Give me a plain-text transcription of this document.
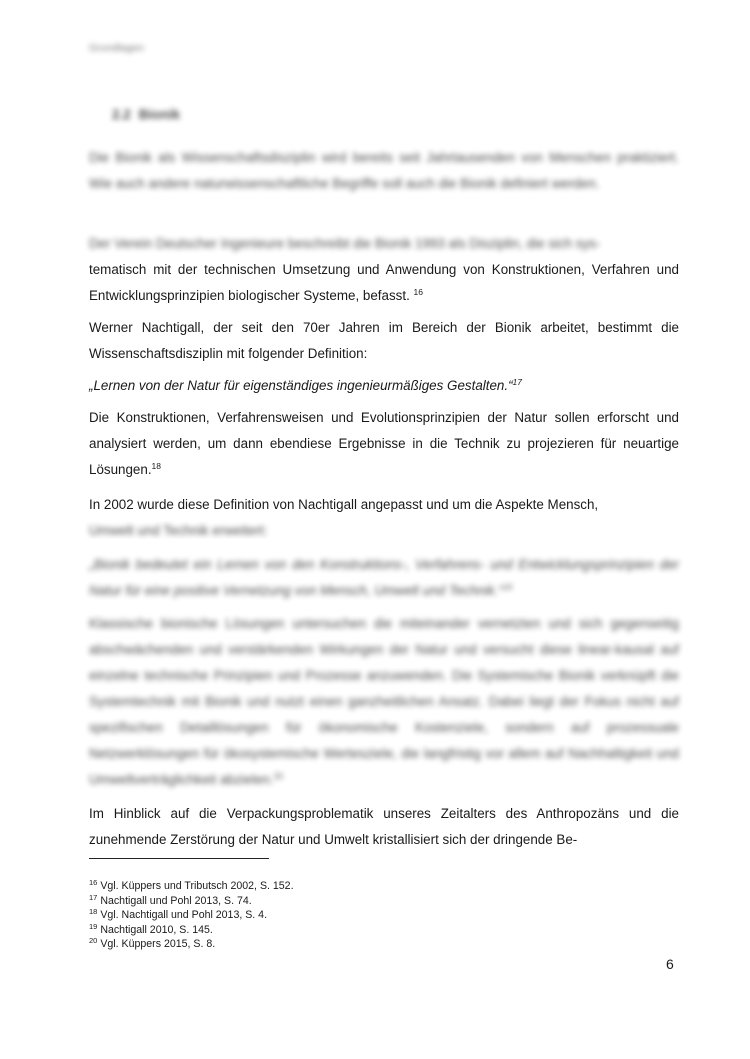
Grundlagen
2.2 Bionik

Die Bionik als Wissenschaftsdisziplin wird bereits seit Jahrtausenden von Menschen praktiziert. Wie auch andere naturwissenschaftliche Begriffe soll auch die Bionik definiert werden.

Der Verein Deutscher Ingenieure beschreibt die Bionik 1993 als Disziplin, die sich sys-

tematisch mit der technischen Umsetzung und Anwendung von Konstruktionen, Verfahren und Entwicklungsprinzipien biologischer Systeme, befasst. $^{16}$

Werner Nachtigall, der seit den 70er Jahren im Bereich der Bionik arbeitet, bestimmt die Wissenschaftsdisziplin mit folgender Definition:

„Lernen von der Natur für eigenständiges ingenieurmäßiges Gestalten.“$^{17}$

Die Konstruktionen, Verfahrensweisen und Evolutionsprinzipien der Natur sollen erforscht und analysiert werden, um dann ebendiese Ergebnisse in die Technik zu projezieren für neuartige Lösungen.$^{18}$

In 2002 wurde diese Definition von Nachtigall angepasst und um die Aspekte Mensch,

Umwelt und Technik erweitert:

„Bionik bedeutet ein Lernen von den Konstruktions-, Verfahrens- und Entwicklungsprinzipien der Natur für eine positive Vernetzung von Mensch, Umwelt und Technik.“$^{19}$

Klassische bionische Lösungen untersuchen die miteinander vernetzten und sich gegenseitig abschwächenden und verstärkenden Wirkungen der Natur und versucht diese linear-kausal auf einzelne technische Prinzipien und Prozesse anzuwenden. Die Systemische Bionik verknüpft die Systemtechnik mit Bionik und nutzt einen ganzheitlichen Ansatz. Dabei liegt der Fokus nicht auf spezifischen Detaillösungen für ökonomische Kostenziele, sondern auf prozessuale Netzwerklösungen für ökosystemische Wertesziele, die langfristig vor allem auf Nachhaltigkeit und Umweltverträglichkeit abzielen.$^{20}$

Im Hinblick auf die Verpackungsproblematik unseres Zeitalters des Anthropozäns und die zunehmende Zerstörung der Natur und Umwelt kristallisiert sich der dringende Be-

$^{16}$ Vgl. Küppers und Tributsch 2002, S. 152.
$^{17}$ Nachtigall und Pohl 2013, S. 74.
$^{18}$ Vgl. Nachtigall und Pohl 2013, S. 4.
$^{19}$ Nachtigall 2010, S. 145.
$^{20}$ Vgl. Küppers 2015, S. 8.
6
